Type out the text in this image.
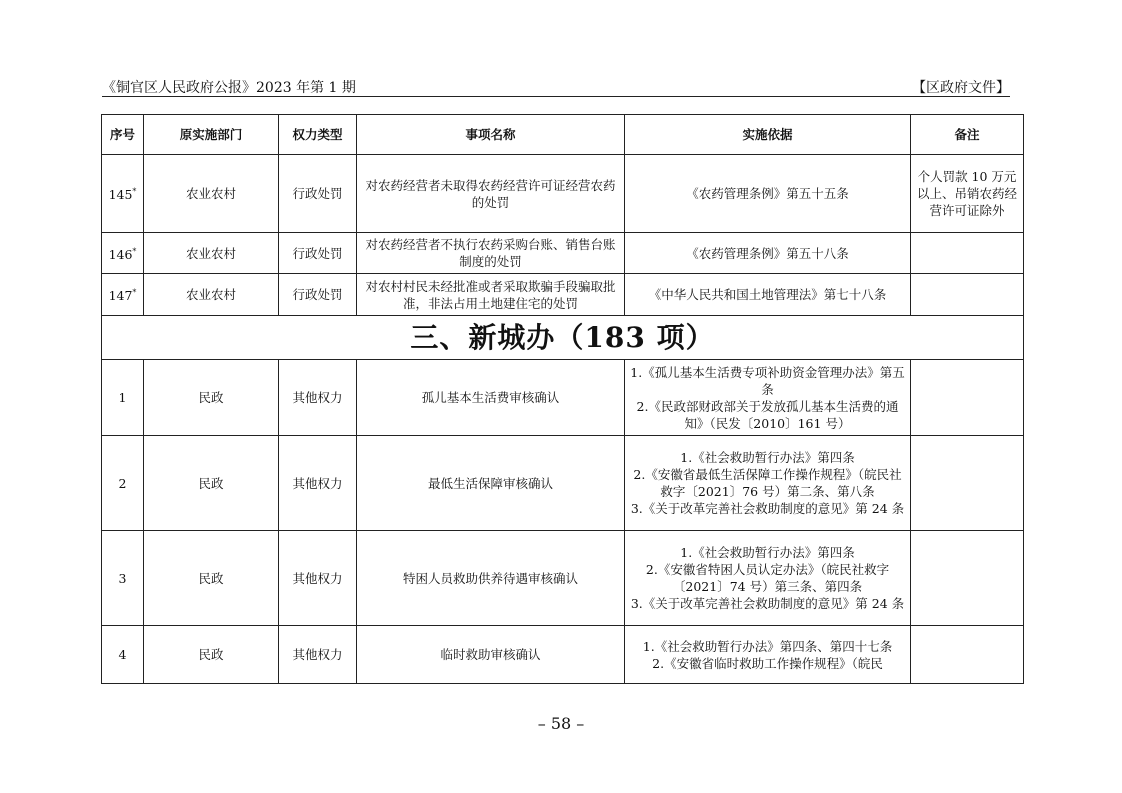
《铜官区人民政府公报》2023 年第 1 期	【区政府文件】
序号	原实施部门	权力类型	事项名称	实施依据	备注
145*	农业农村	行政处罚	对农药经营者未取得农药经营许可证经营农药的处罚	《农药管理条例》第五十五条	个人罚款 10 万元以上、吊销农药经营许可证除外
146*	农业农村	行政处罚	对农药经营者不执行农药采购台账、销售台账制度的处罚	《农药管理条例》第五十八条	
147*	农业农村	行政处罚	对农村村民未经批准或者采取欺骗手段骗取批准，非法占用土地建住宅的处罚	《中华人民共和国土地管理法》第七十八条	
三、新城办（183 项）					
1	民政	其他权力	孤儿基本生活费审核确认	1.《孤儿基本生活费专项补助资金管理办法》第五条
2.《民政部财政部关于发放孤儿基本生活费的通知》（民发〔2010〕161 号）	

2	民政	其他权力	最低生活保障审核确认	1.《社会救助暂行办法》第四条
2.《安徽省最低生活保障工作操作规程》（皖民社救字〔2021〕76 号）第二条、第八条
3.《关于改革完善社会救助制度的意见》第 24 条	

3	民政	其他权力	特困人员救助供养待遇审核确认	1.《社会救助暂行办法》第四条
2.《安徽省特困人员认定办法》（皖民社救字〔2021〕74 号）第三条、第四条
3.《关于改革完善社会救助制度的意见》第 24 条	

4	民政	其他权力	临时救助审核确认	1.《社会救助暂行办法》第四条、第四十七条
2.《安徽省临时救助工作操作规程》（皖民	

– 58 –
